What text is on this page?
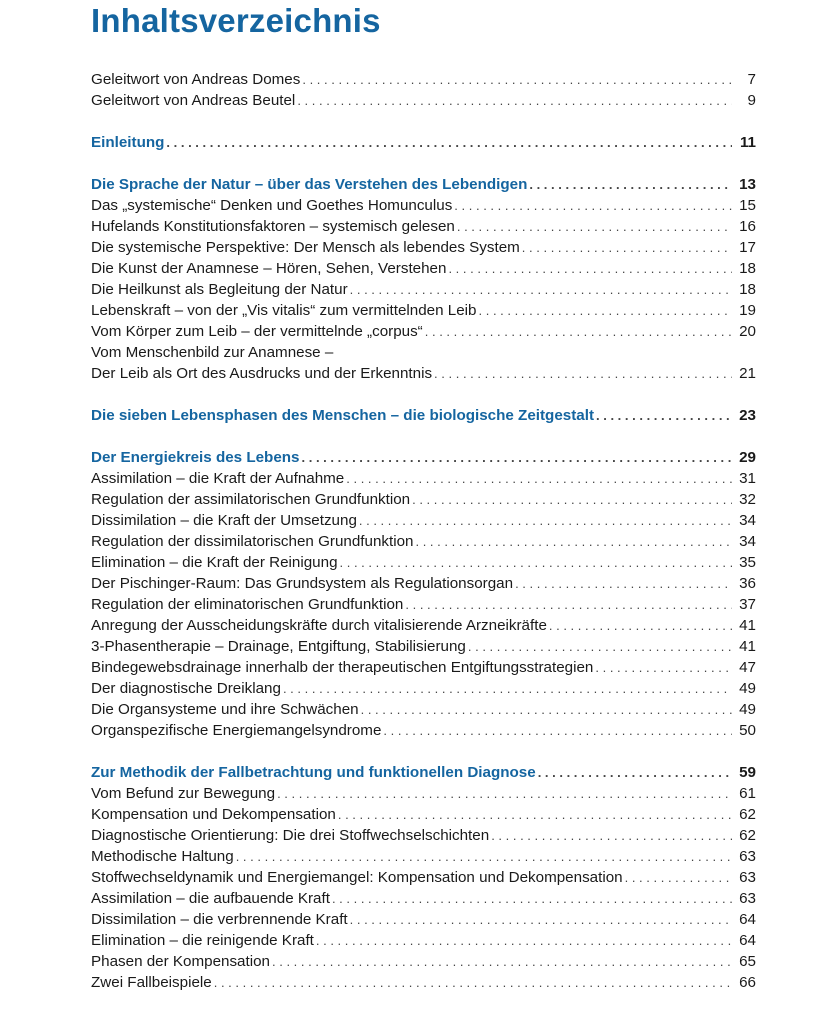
Inhaltsverzeichnis
Geleitwort von Andreas Domes . . .	7
Geleitwort von Andreas Beutel . . .	9
Einleitung . . .	11
Die Sprache der Natur – über das Verstehen des Lebendigen . . .	13
Das „systemische“ Denken und Goethes Homunculus . . .	15
Hufelands Konstitutionsfaktoren – systemisch gelesen . . .	16
Die systemische Perspektive: Der Mensch als lebendes System . . .	17
Die Kunst der Anamnese – Hören, Sehen, Verstehen . . .	18
Die Heilkunst als Begleitung der Natur . . .	18
Lebenskraft – von der „Vis vitalis“ zum vermittelnden Leib . . .	19
Vom Körper zum Leib – der vermittelnde „corpus“ . . .	20
Vom Menschenbild zur Anamnese –
Der Leib als Ort des Ausdrucks und der Erkenntnis . . .	21
Die sieben Lebensphasen des Menschen – die biologische Zeitgestalt . . .	23
Der Energiekreis des Lebens . . .	29
Assimilation – die Kraft der Aufnahme . . .	31
Regulation der assimilatorischen Grundfunktion . . .	32
Dissimilation – die Kraft der Umsetzung . . .	34
Regulation der dissimilatorischen Grundfunktion . . .	34
Elimination – die Kraft der Reinigung . . .	35
Der Pischinger-Raum: Das Grundsystem als Regulationsorgan . . .	36
Regulation der eliminatorischen Grundfunktion . . .	37
Anregung der Ausscheidungskräfte durch vitalisierende Arzneikräfte . . .	41
3-Phasentherapie – Drainage, Entgiftung, Stabilisierung . . .	41
Bindegewebsdrainage innerhalb der therapeutischen Entgiftungsstrategien . . .	47
Der diagnostische Dreiklang . . .	49
Die Organsysteme und ihre Schwächen . . .	49
Organspezifische Energiemangelsyndrome . . .	50
Zur Methodik der Fallbetrachtung und funktionellen Diagnose . . .	59
Vom Befund zur Bewegung . . .	61
Kompensation und Dekompensation . . .	62
Diagnostische Orientierung: Die drei Stoffwechselschichten . . .	62
Methodische Haltung . . .	63
Stoffwechseldynamik und Energiemangel: Kompensation und Dekompensation . . .	63
Assimilation – die aufbauende Kraft . . .	63
Dissimilation – die verbrennende Kraft . . .	64
Elimination – die reinigende Kraft . . .	64
Phasen der Kompensation . . .	65
Zwei Fallbeispiele . . .	66
